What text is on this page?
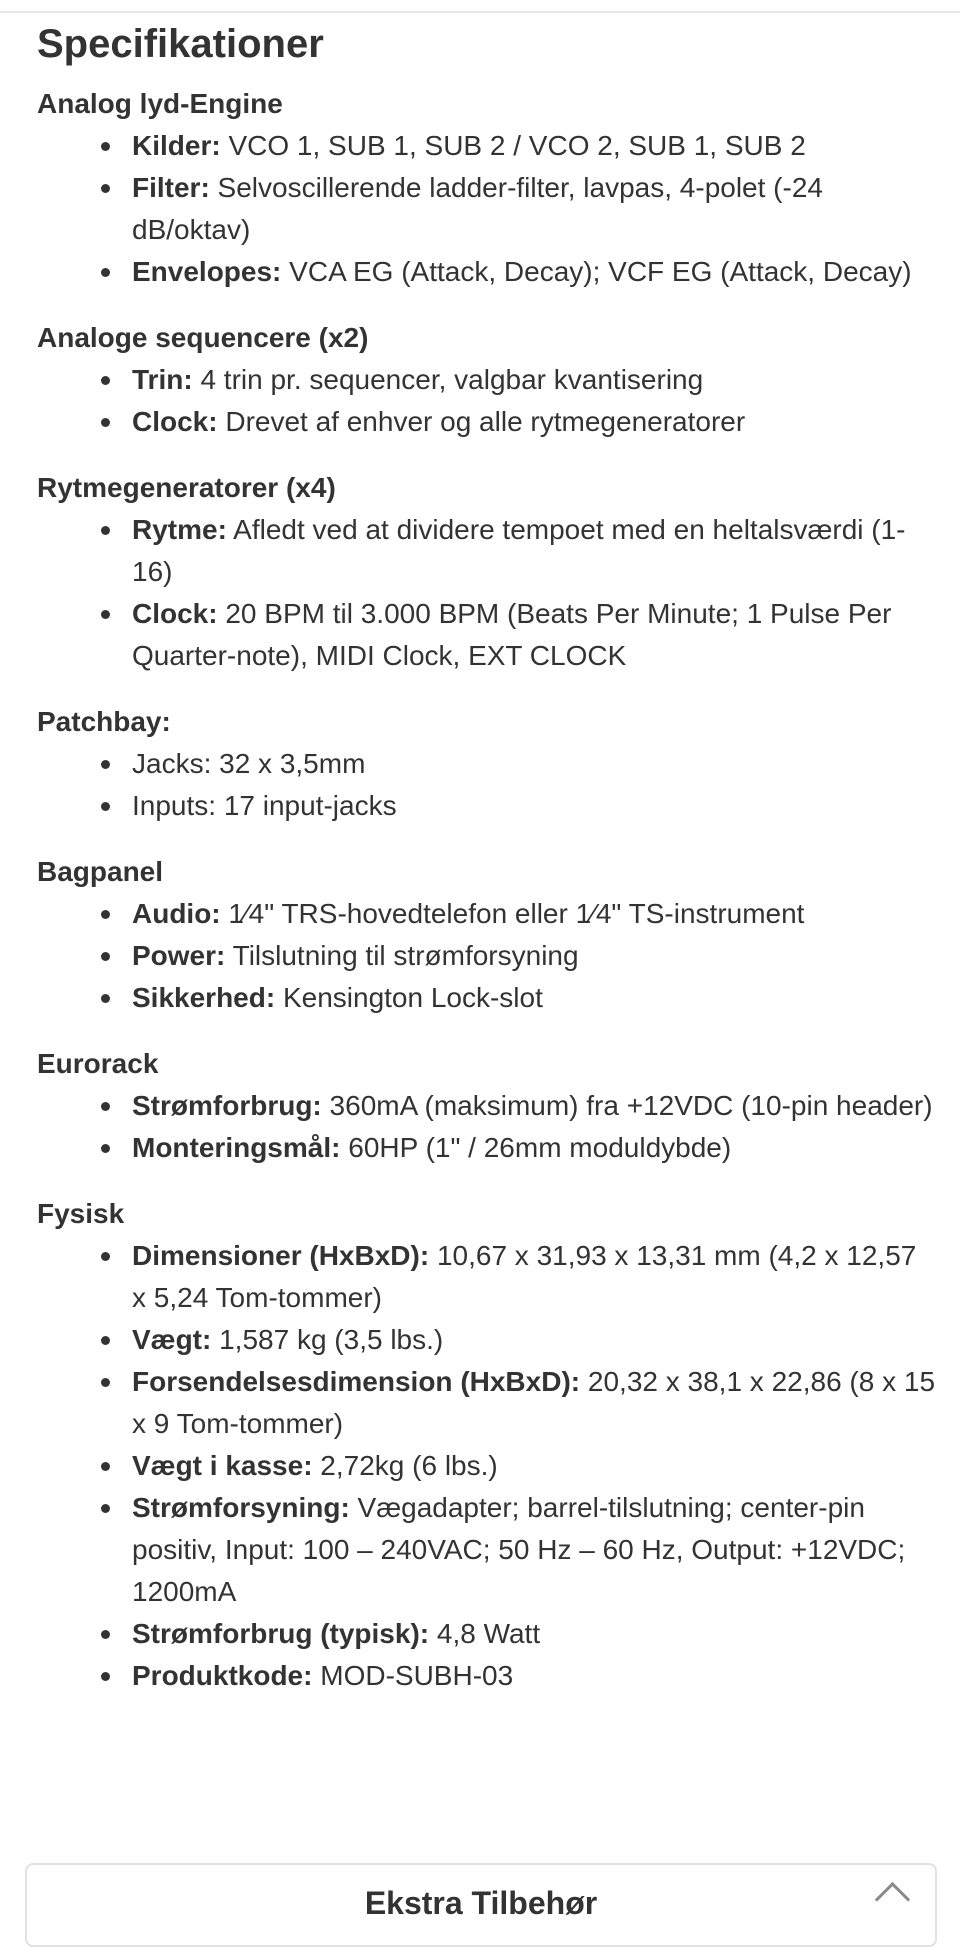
Specifikationer
Analog lyd-Engine
Kilder: VCO 1, SUB 1, SUB 2 / VCO 2, SUB 1, SUB 2
Filter: Selvoscillerende ladder-filter, lavpas, 4-polet (-24 dB/oktav)
Envelopes: VCA EG (Attack, Decay); VCF EG (Attack, Decay)
Analoge sequencere (x2)
Trin: 4 trin pr. sequencer, valgbar kvantisering
Clock: Drevet af enhver og alle rytmegeneratorer
Rytmegeneratorer (x4)
Rytme: Afledt ved at dividere tempoet med en heltalsværdi (1-16)
Clock: 20 BPM til 3.000 BPM (Beats Per Minute; 1 Pulse Per Quarter-note), MIDI Clock, EXT CLOCK
Patchbay:
Jacks: 32 x 3,5mm
Inputs: 17 input-jacks
Bagpanel
Audio: 1⁄4" TRS-hovedtelefon eller 1⁄4" TS-instrument
Power: Tilslutning til strømforsyning
Sikkerhed: Kensington Lock-slot
Eurorack
Strømforbrug: 360mA (maksimum) fra +12VDC (10-pin header)
Monteringsmål: 60HP (1" / 26mm moduldybde)
Fysisk
Dimensioner (HxBxD): 10,67 x 31,93 x 13,31 mm (4,2 x 12,57 x 5,24 Tom-tommer)
Vægt: 1,587 kg (3,5 lbs.)
Forsendelsesdimension (HxBxD): 20,32 x 38,1 x 22,86 (8 x 15 x 9 Tom-tommer)
Vægt i kasse: 2,72kg (6 lbs.)
Strømforsyning: Vægadapter; barrel-tilslutning; center-pin positiv, Input: 100 – 240VAC; 50 Hz – 60 Hz, Output: +12VDC; 1200mA
Strømforbrug (typisk): 4,8 Watt
Produktkode: MOD-SUBH-03
Ekstra Tilbehør
